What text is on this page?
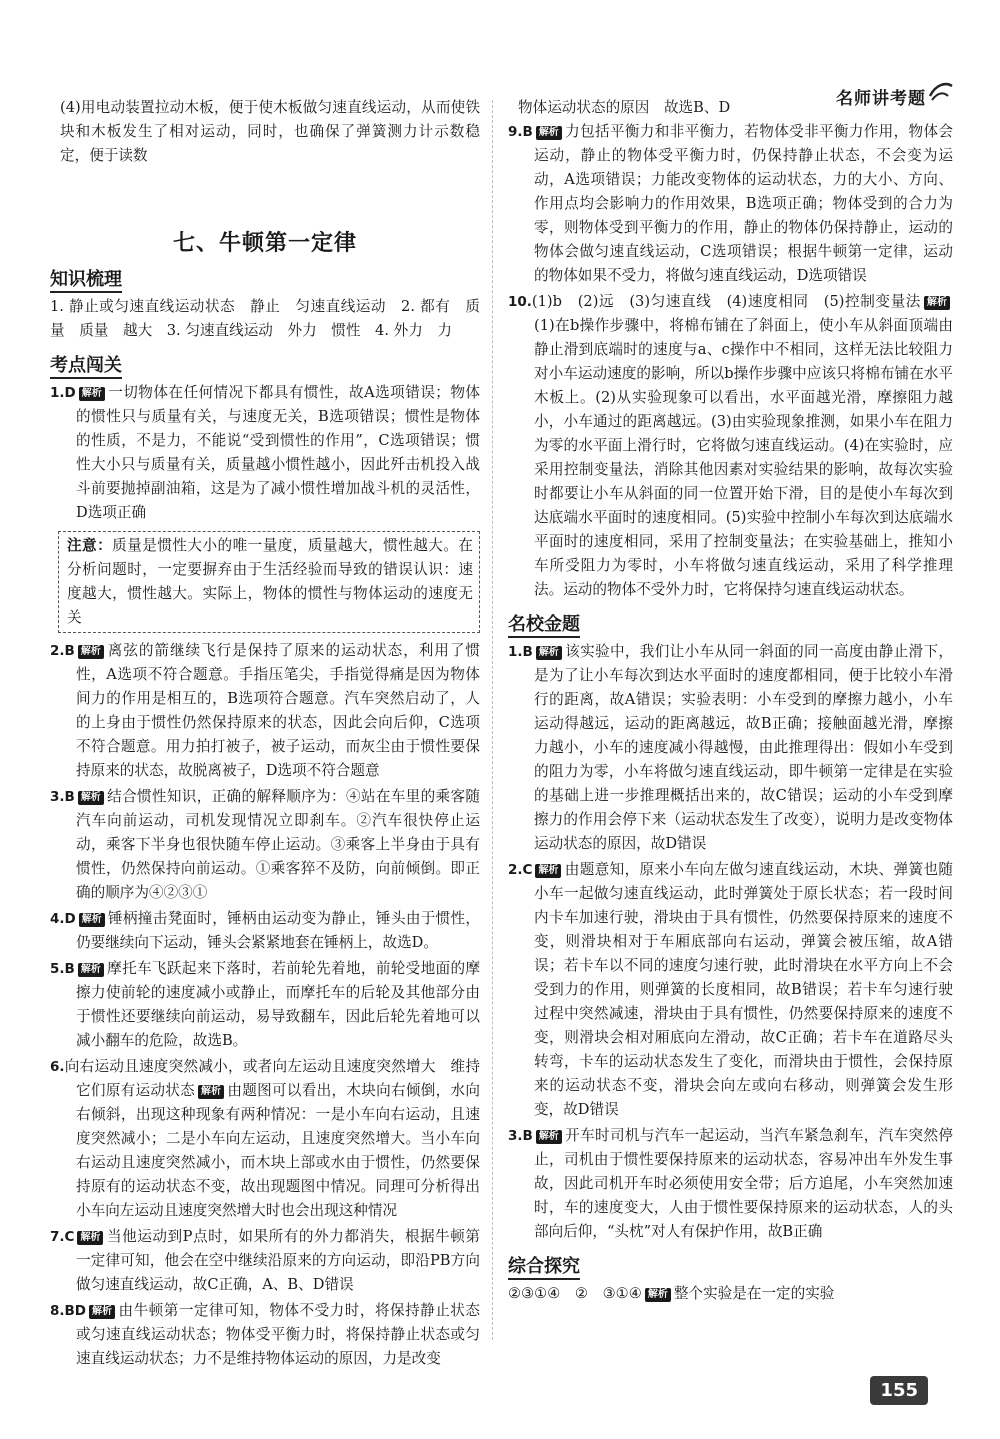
名师讲考题

(4)用电动装置拉动木板，便于使木板做匀速直线运动，从而使铁块和木板发生了相对运动，同时，也确保了弹簧测力计示数稳定，便于读数

七、牛顿第一定律
知识梳理

1. 静止或匀速直线运动状态　静止　匀速直线运动　2. 都有　质量　质量　越大　3. 匀速直线运动　外力　惯性　4. 外力　力

考点闯关

1.D 解析 一切物体在任何情况下都具有惯性，故A选项错误；物体的惯性只与质量有关，与速度无关，B选项错误；惯性是物体的性质，不是力，不能说“受到惯性的作用”，C选项错误；惯性大小只与质量有关，质量越小惯性越小，因此歼击机投入战斗前要抛掉副油箱，这是为了减小惯性增加战斗机的灵活性，D选项正确

注意：质量是惯性大小的唯一量度，质量越大，惯性越大。在分析问题时，一定要摒弃由于生活经验而导致的错误认识：速度越大，惯性越大。实际上，物体的惯性与物体运动的速度无关

2.B 解析 离弦的箭继续飞行是保持了原来的运动状态，利用了惯性，A选项不符合题意。手指压笔尖，手指觉得痛是因为物体间力的作用是相互的，B选项符合题意。汽车突然启动了，人的上身由于惯性仍然保持原来的状态，因此会向后仰，C选项不符合题意。用力拍打被子，被子运动，而灰尘由于惯性要保持原来的状态，故脱离被子，D选项不符合题意

3.B 解析 结合惯性知识，正确的解释顺序为：④站在车里的乘客随汽车向前运动，司机发现情况立即刹车。②汽车很快停止运动，乘客下半身也很快随车停止运动。③乘客上半身由于具有惯性，仍然保持向前运动。①乘客猝不及防，向前倾倒。即正确的顺序为④②③①

4.D 解析 锤柄撞击凳面时，锤柄由运动变为静止，锤头由于惯性，仍要继续向下运动，锤头会紧紧地套在锤柄上，故选D。

5.B 解析 摩托车飞跃起来下落时，若前轮先着地，前轮受地面的摩擦力使前轮的速度减小或静止，而摩托车的后轮及其他部分由于惯性还要继续向前运动，易导致翻车，因此后轮先着地可以减小翻车的危险，故选B。

6.向右运动且速度突然减小，或者向左运动且速度突然增大　维持它们原有运动状态 解析 由题图可以看出，木块向右倾倒，水向右倾斜，出现这种现象有两种情况：一是小车向右运动，且速度突然减小；二是小车向左运动，且速度突然增大。当小车向右运动且速度突然减小，而木块上部或水由于惯性，仍然要保持原有的运动状态不变，故出现题图中情况。同理可分析得出小车向左运动且速度突然增大时也会出现这种情况

7.C 解析 当他运动到P点时，如果所有的外力都消失，根据牛顿第一定律可知，他会在空中继续沿原来的方向运动，即沿PB方向做匀速直线运动，故C正确，A、B、D错误

8.BD 解析 由牛顿第一定律可知，物体不受力时，将保持静止状态或匀速直线运动状态；物体受平衡力时，将保持静止状态或匀速直线运动状态；力不是维持物体运动的原因，力是改变

物体运动状态的原因　故选B、D

9.B 解析 力包括平衡力和非平衡力，若物体受非平衡力作用，物体会运动，静止的物体受平衡力时，仍保持静止状态，不会变为运动，A选项错误；力能改变物体的运动状态，力的大小、方向、作用点均会影响力的作用效果，B选项正确；物体受到的合力为零，则物体受到平衡力的作用，静止的物体仍保持静止，运动的物体会做匀速直线运动，C选项错误；根据牛顿第一定律，运动的物体如果不受力，将做匀速直线运动，D选项错误

10.(1)b　(2)远　(3)匀速直线　(4)速度相同　(5)控制变量法 解析(1)在b操作步骤中，将棉布铺在了斜面上，使小车从斜面顶端由静止滑到底端时的速度与a、c操作中不相同，这样无法比较阻力对小车运动速度的影响，所以b操作步骤中应该只将棉布铺在水平木板上。(2)从实验现象可以看出，水平面越光滑，摩擦阻力越小，小车通过的距离越远。(3)由实验现象推测，如果小车在阻力为零的水平面上滑行时，它将做匀速直线运动。(4)在实验时，应采用控制变量法，消除其他因素对实验结果的影响，故每次实验时都要让小车从斜面的同一位置开始下滑，目的是使小车每次到达底端水平面时的速度相同。(5)实验中控制小车每次到达底端水平面时的速度相同，采用了控制变量法；在实验基础上，推知小车所受阻力为零时，小车将做匀速直线运动，采用了科学推理法。运动的物体不受外力时，它将保持匀速直线运动状态。

名校金题

1.B 解析 该实验中，我们让小车从同一斜面的同一高度由静止滑下，是为了让小车每次到达水平面时的速度都相同，便于比较小车滑行的距离，故A错误；实验表明：小车受到的摩擦力越小，小车运动得越远，运动的距离越远，故B正确；接触面越光滑，摩擦力越小，小车的速度减小得越慢，由此推理得出：假如小车受到的阻力为零，小车将做匀速直线运动，即牛顿第一定律是在实验的基础上进一步推理概括出来的，故C错误；运动的小车受到摩擦力的作用会停下来（运动状态发生了改变），说明力是改变物体运动状态的原因，故D错误

2.C 解析 由题意知，原来小车向左做匀速直线运动，木块、弹簧也随小车一起做匀速直线运动，此时弹簧处于原长状态；若一段时间内卡车加速行驶，滑块由于具有惯性，仍然要保持原来的速度不变，则滑块相对于车厢底部向右运动，弹簧会被压缩，故A错误；若卡车以不同的速度匀速行驶，此时滑块在水平方向上不会受到力的作用，则弹簧的长度相同，故B错误；若卡车匀速行驶过程中突然减速，滑块由于具有惯性，仍然要保持原来的速度不变，则滑块会相对厢底向左滑动，故C正确；若卡车在道路尽头转弯，卡车的运动状态发生了变化，而滑块由于惯性，会保持原来的运动状态不变，滑块会向左或向右移动，则弹簧会发生形变，故D错误

3.B 解析 开车时司机与汽车一起运动，当汽车紧急刹车，汽车突然停止，司机由于惯性要保持原来的运动状态，容易冲出车外发生事故，因此司机开车时必须使用安全带；后方追尾，小车突然加速时，车的速度变大，人由于惯性要保持原来的运动状态，人的头部向后仰，“头枕”对人有保护作用，故B正确

综合探究

②③①④　②　③①④ 解析 整个实验是在一定的实验

155
